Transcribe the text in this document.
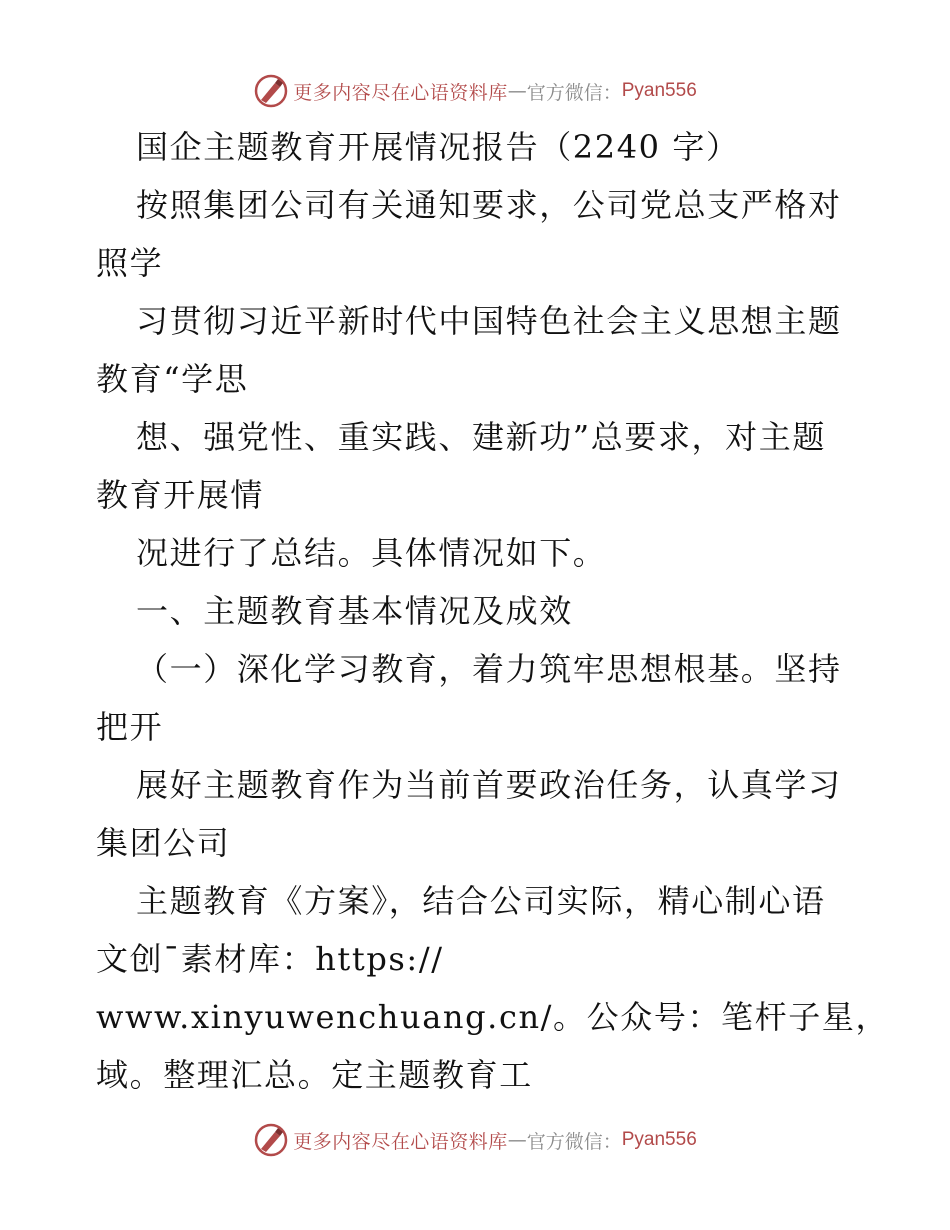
更多内容尽在心语资料库 — 官方微信： Pyan556
国企主题教育开展情况报告（2240 字）
按照集团公司有关通知要求，公司党总支严格对
照学
习贯彻习近平新时代中国特色社会主义思想主题
教育“学思
想、强党性、重实践、建新功”总要求，对主题
教育开展情
况进行了总结。具体情况如下。
一、主题教育基本情况及成效
（一）深化学习教育，着力筑牢思想根基。坚持
把开
展好主题教育作为当前首要政治任务，认真学习
集团公司
主题教育《方案》，结合公司实际，精心制心语
文创¯素材库：https://
www.xinyuwenchuang.cn/。公众号：笔杆子星，
域。整理汇总。定主题教育工
更多内容尽在心语资料库 — 官方微信： Pyan556
